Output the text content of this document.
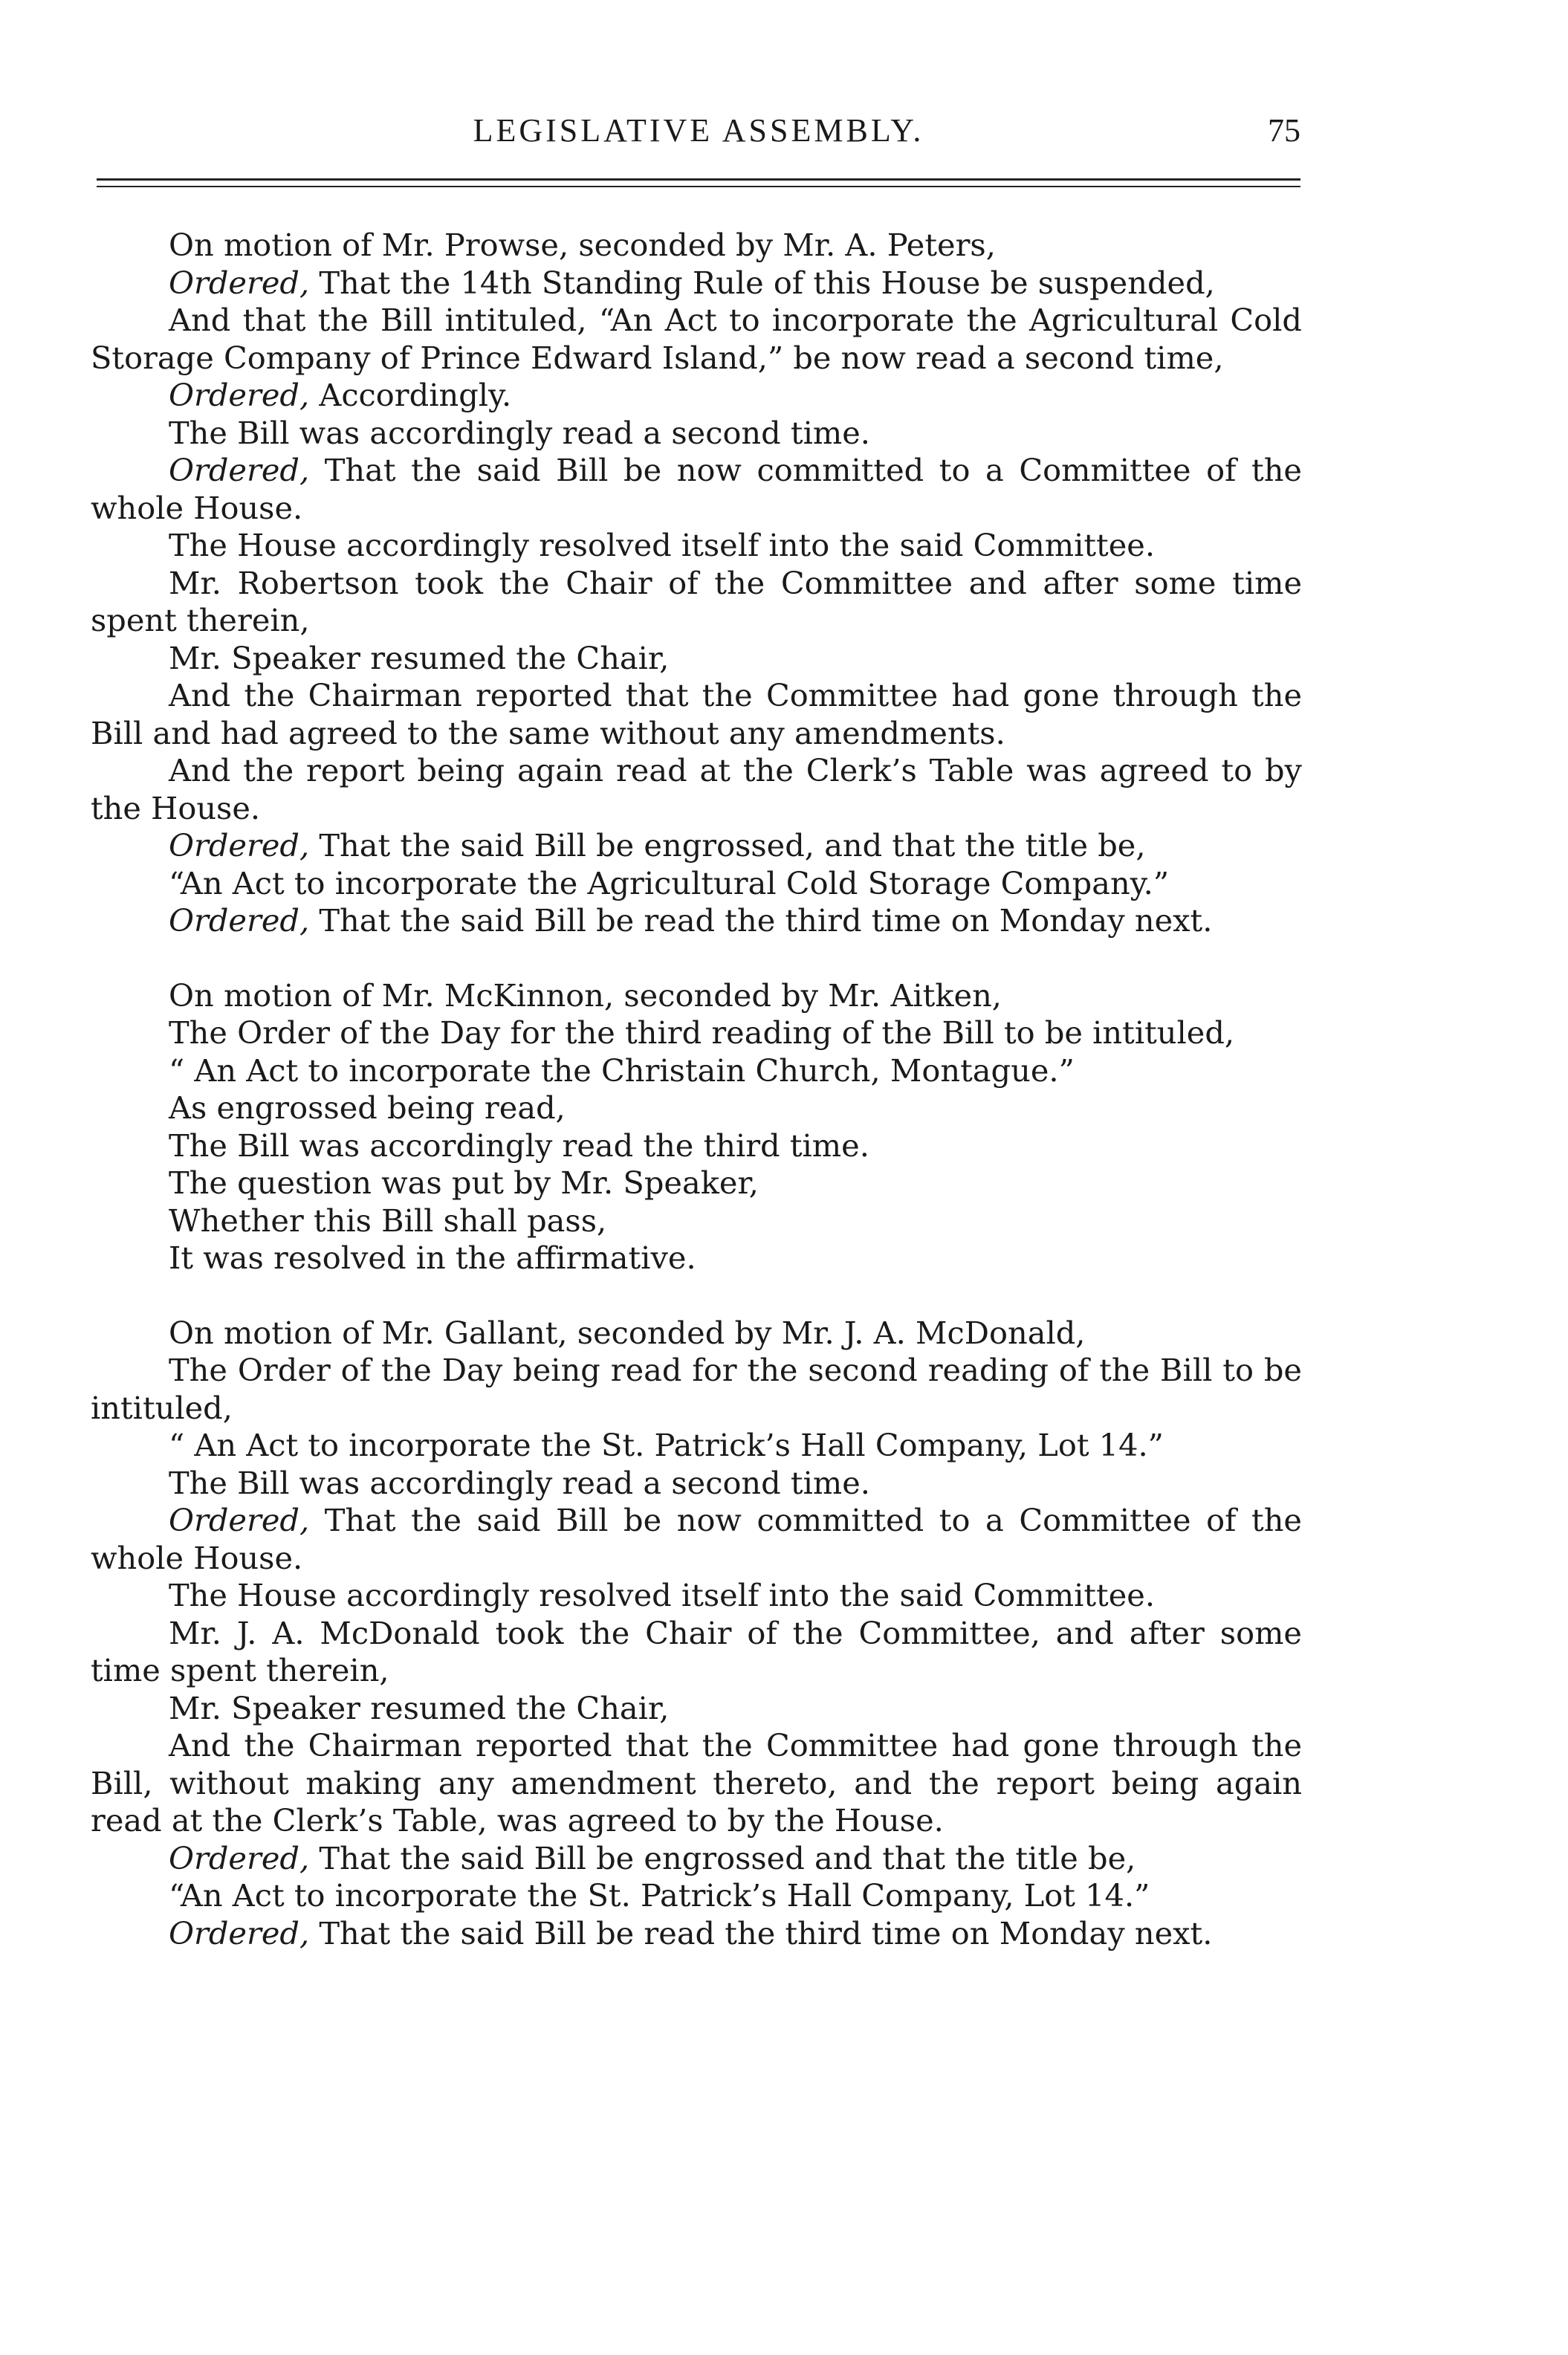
LEGISLATIVE ASSEMBLY.	75

On motion of Mr. Prowse, seconded by Mr. A. Peters,

Ordered, That the 14th Standing Rule of this House be suspended,

And that the Bill intituled, “An Act to incorporate the Agricultural Cold Storage Company of Prince Edward Island,” be now read a second time,

Ordered, Accordingly.

The Bill was accordingly read a second time.

Ordered, That the said Bill be now committed to a Committee of the whole House.

The House accordingly resolved itself into the said Committee.

Mr. Robertson took the Chair of the Committee and after some time spent therein,

Mr. Speaker resumed the Chair,

And the Chairman reported that the Committee had gone through the Bill and had agreed to the same without any amendments.

And the report being again read at the Clerk’s Table was agreed to by the House.

Ordered, That the said Bill be engrossed, and that the title be,

“An Act to incorporate the Agricultural Cold Storage Company.”

Ordered, That the said Bill be read the third time on Monday next.

On motion of Mr. McKinnon, seconded by Mr. Aitken,

The Order of the Day for the third reading of the Bill to be intituled,

“ An Act to incorporate the Christain Church, Montague.”

As engrossed being read,

The Bill was accordingly read the third time.

The question was put by Mr. Speaker,

Whether this Bill shall pass,

It was resolved in the affirmative.

On motion of Mr. Gallant, seconded by Mr. J. A. McDonald,

The Order of the Day being read for the second reading of the Bill to be intituled,

“ An Act to incorporate the St. Patrick’s Hall Company, Lot 14.”

The Bill was accordingly read a second time.

Ordered, That the said Bill be now committed to a Committee of the whole House.

The House accordingly resolved itself into the said Committee.

Mr. J. A. McDonald took the Chair of the Committee, and after some time spent therein,

Mr. Speaker resumed the Chair,

And the Chairman reported that the Committee had gone through the Bill, without making any amendment thereto, and the report being again read at the Clerk’s Table, was agreed to by the House.

Ordered, That the said Bill be engrossed and that the title be,

“An Act to incorporate the St. Patrick’s Hall Company, Lot 14.”

Ordered, That the said Bill be read the third time on Monday next.
